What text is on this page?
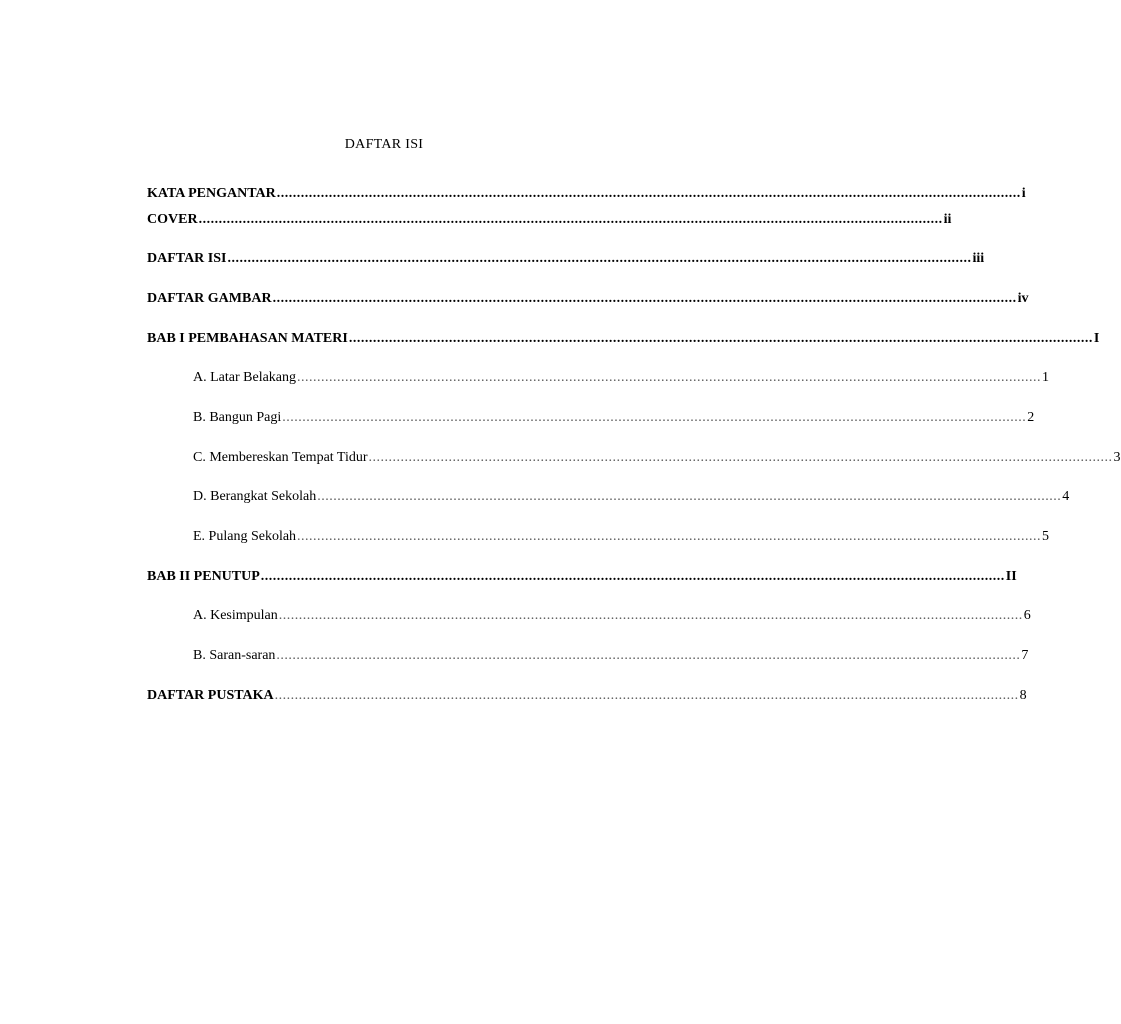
DAFTAR ISI
KATA PENGANTAR .......................................................................................................................................................................................... i
COVER .......................................................................................................................................................................................... ii
DAFTAR ISI .......................................................................................................................................................................................... iii
DAFTAR GAMBAR .......................................................................................................................................................................................... iv
BAB I PEMBAHASAN MATERI .......................................................................................................................................................................................... I
A. Latar Belakang .......................................................................................................................................................................................... 1
B. Bangun Pagi .......................................................................................................................................................................................... 2
C. Membereskan Tempat Tidur .......................................................................................................................................................................................... 3
D. Berangkat Sekolah .......................................................................................................................................................................................... 4
E. Pulang Sekolah .......................................................................................................................................................................................... 5
BAB II PENUTUP .......................................................................................................................................................................................... II
A. Kesimpulan .......................................................................................................................................................................................... 6
B. Saran-saran .......................................................................................................................................................................................... 7
DAFTAR PUSTAKA .......................................................................................................................................................................................... 8
